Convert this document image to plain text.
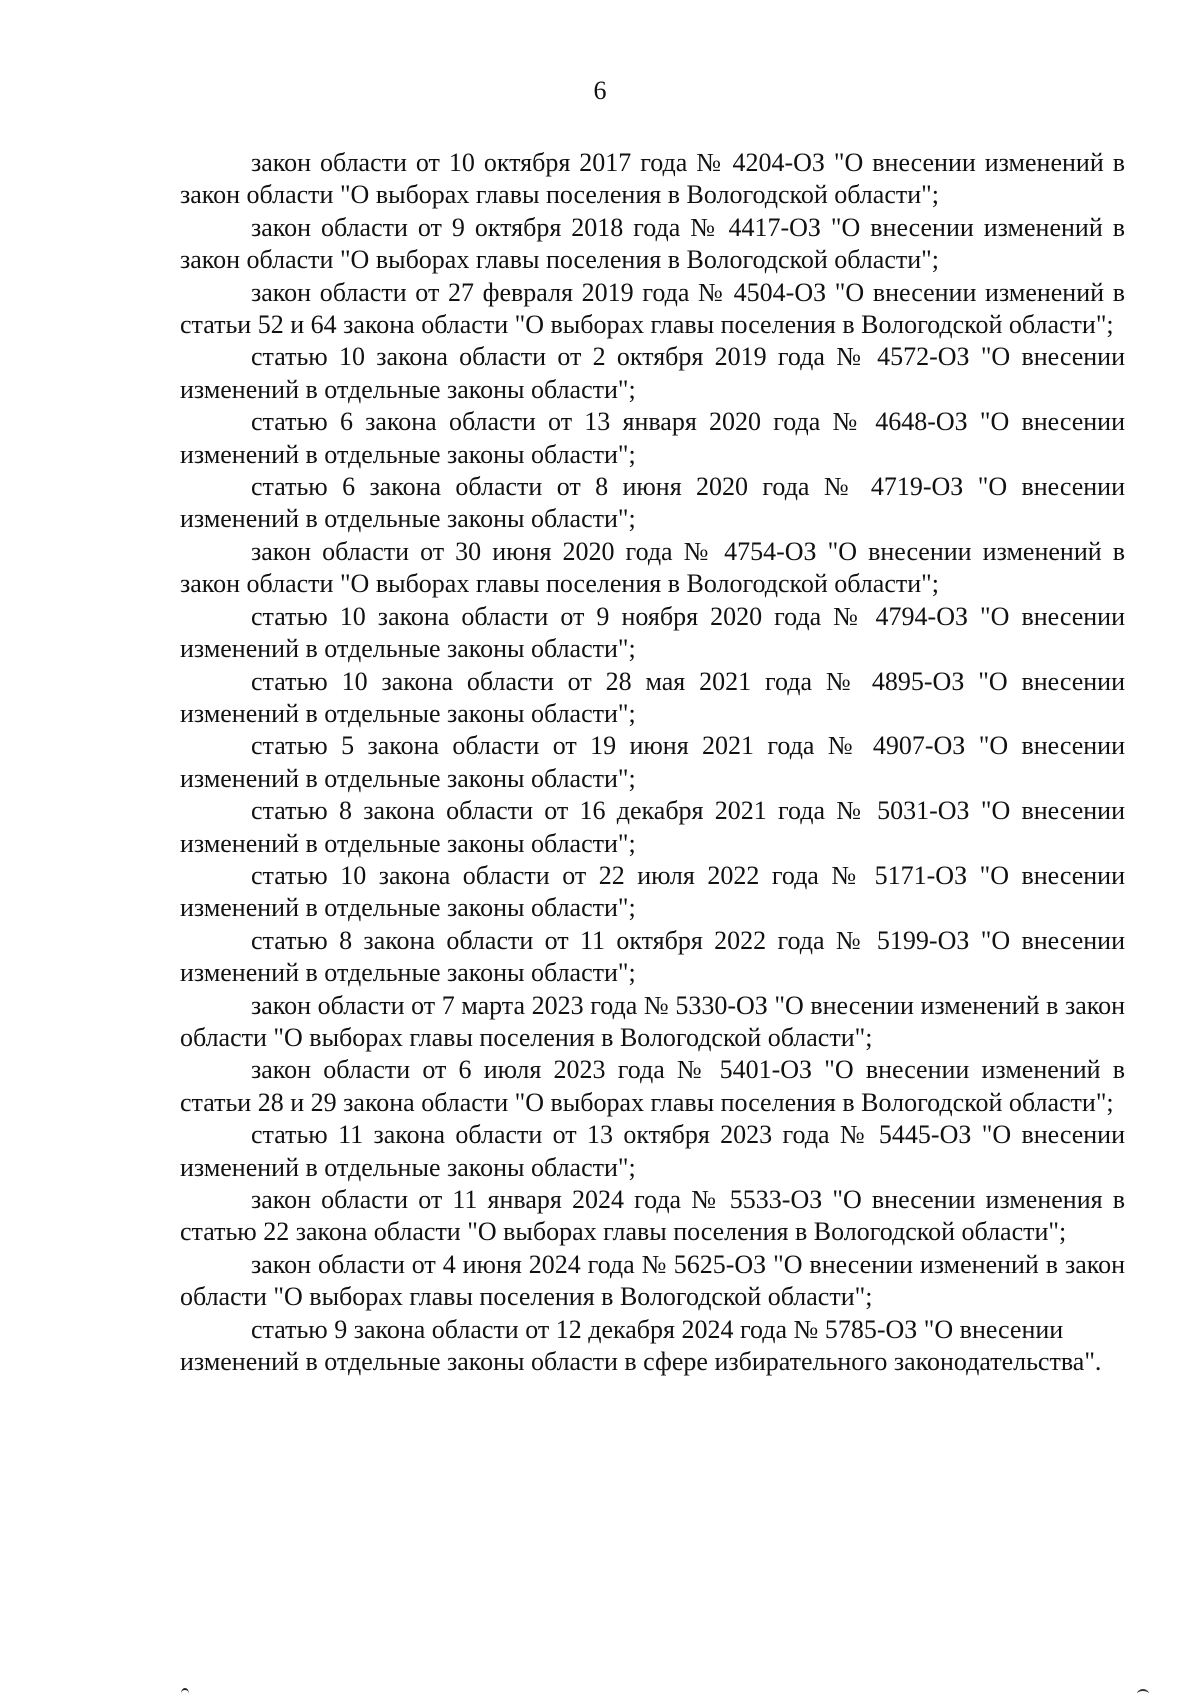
6

закон области от 10 октября 2017 года № 4204-ОЗ "О внесении изменений в закон области "О выборах главы поселения в Вологодской области";

закон области от 9 октября 2018 года № 4417-ОЗ "О внесении изменений в закон области "О выборах главы поселения в Вологодской области";

закон области от 27 февраля 2019 года № 4504-ОЗ "О внесении изменений в статьи 52 и 64 закона области "О выборах главы поселения в Вологодской области";

статью 10 закона области от 2 октября 2019 года № 4572-ОЗ "О внесении изменений в отдельные законы области";

статью 6 закона области от 13 января 2020 года № 4648-ОЗ "О внесении изменений в отдельные законы области";

статью 6 закона области от 8 июня 2020 года № 4719-ОЗ "О внесении изменений в отдельные законы области";

закон области от 30 июня 2020 года № 4754-ОЗ "О внесении изменений в закон области "О выборах главы поселения в Вологодской области";

статью 10 закона области от 9 ноября 2020 года № 4794-ОЗ "О внесении изменений в отдельные законы области";

статью 10 закона области от 28 мая 2021 года № 4895-ОЗ "О внесении изменений в отдельные законы области";

статью 5 закона области от 19 июня 2021 года № 4907-ОЗ "О внесении изменений в отдельные законы области";

статью 8 закона области от 16 декабря 2021 года № 5031-ОЗ "О внесении изменений в отдельные законы области";

статью 10 закона области от 22 июля 2022 года № 5171-ОЗ "О внесении изменений в отдельные законы области";

статью 8 закона области от 11 октября 2022 года № 5199-ОЗ "О внесении изменений в отдельные законы области";

закон области от 7 марта 2023 года № 5330-ОЗ "О внесении изменений в закон области "О выборах главы поселения в Вологодской области";

закон области от 6 июля 2023 года № 5401-ОЗ "О внесении изменений в статьи 28 и 29 закона области "О выборах главы поселения в Вологодской области";

статью 11 закона области от 13 октября 2023 года № 5445-ОЗ "О внесении изменений в отдельные законы области";

закон области от 11 января 2024 года № 5533-ОЗ "О внесении изменения в статью 22 закона области "О выборах главы поселения в Вологодской области";

закон области от 4 июня 2024 года № 5625-ОЗ "О внесении изменений в закон области "О выборах главы поселения в Вологодской области";

статью 9 закона области от 12 декабря 2024 года № 5785-ОЗ "О внесении изменений в отдельные законы области в сфере избирательного законодательства".
